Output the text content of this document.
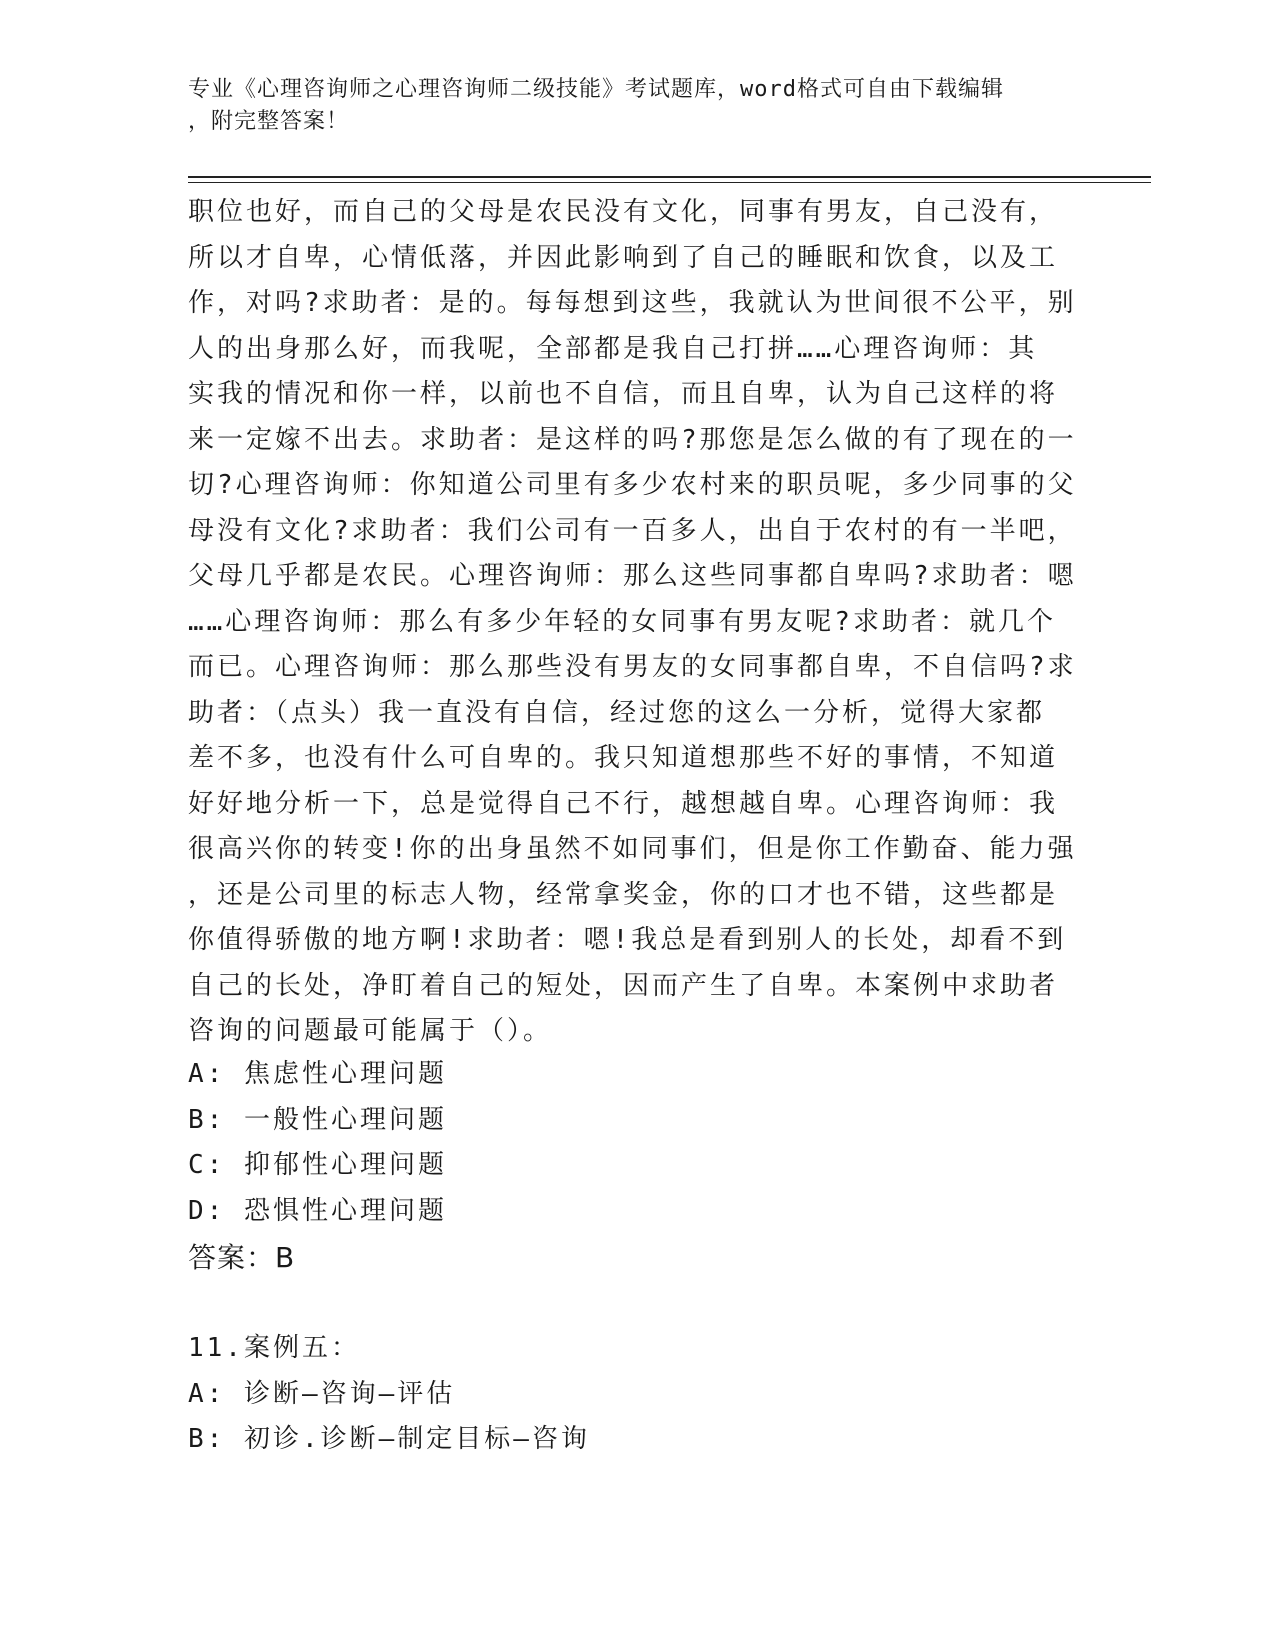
专业《心理咨询师之心理咨询师二级技能》考试题库，word格式可自由下载编辑

，附完整答案！

职位也好，而自己的父母是农民没有文化，同事有男友，自己没有，

所以才自卑，心情低落，并因此影响到了自己的睡眠和饮食，以及工

作，对吗?求助者：是的。每每想到这些，我就认为世间很不公平，别

人的出身那么好，而我呢，全部都是我自己打拼……心理咨询师：其

实我的情况和你一样，以前也不自信，而且自卑，认为自己这样的将

来一定嫁不出去。求助者：是这样的吗?那您是怎么做的有了现在的一

切?心理咨询师：你知道公司里有多少农村来的职员呢，多少同事的父

母没有文化?求助者：我们公司有一百多人，出自于农村的有一半吧，

父母几乎都是农民。心理咨询师：那么这些同事都自卑吗?求助者：嗯

……心理咨询师：那么有多少年轻的女同事有男友呢?求助者：就几个

而已。心理咨询师：那么那些没有男友的女同事都自卑，不自信吗?求

助者：（点头）我一直没有自信，经过您的这么一分析，觉得大家都

差不多，也没有什么可自卑的。我只知道想那些不好的事情，不知道

好好地分析一下，总是觉得自己不行，越想越自卑。心理咨询师：我

很高兴你的转变!你的出身虽然不如同事们，但是你工作勤奋、能力强

，还是公司里的标志人物，经常拿奖金，你的口才也不错，这些都是

你值得骄傲的地方啊!求助者：嗯!我总是看到别人的长处，却看不到

自己的长处，净盯着自己的短处，因而产生了自卑。本案例中求助者

咨询的问题最可能属于（）。

A: 焦虑性心理问题
B: 一般性心理问题
C: 抑郁性心理问题
D: 恐惧性心理问题
答案：B
11.案例五：
A: 诊断—咨询—评估
B: 初诊.诊断—制定目标—咨询
